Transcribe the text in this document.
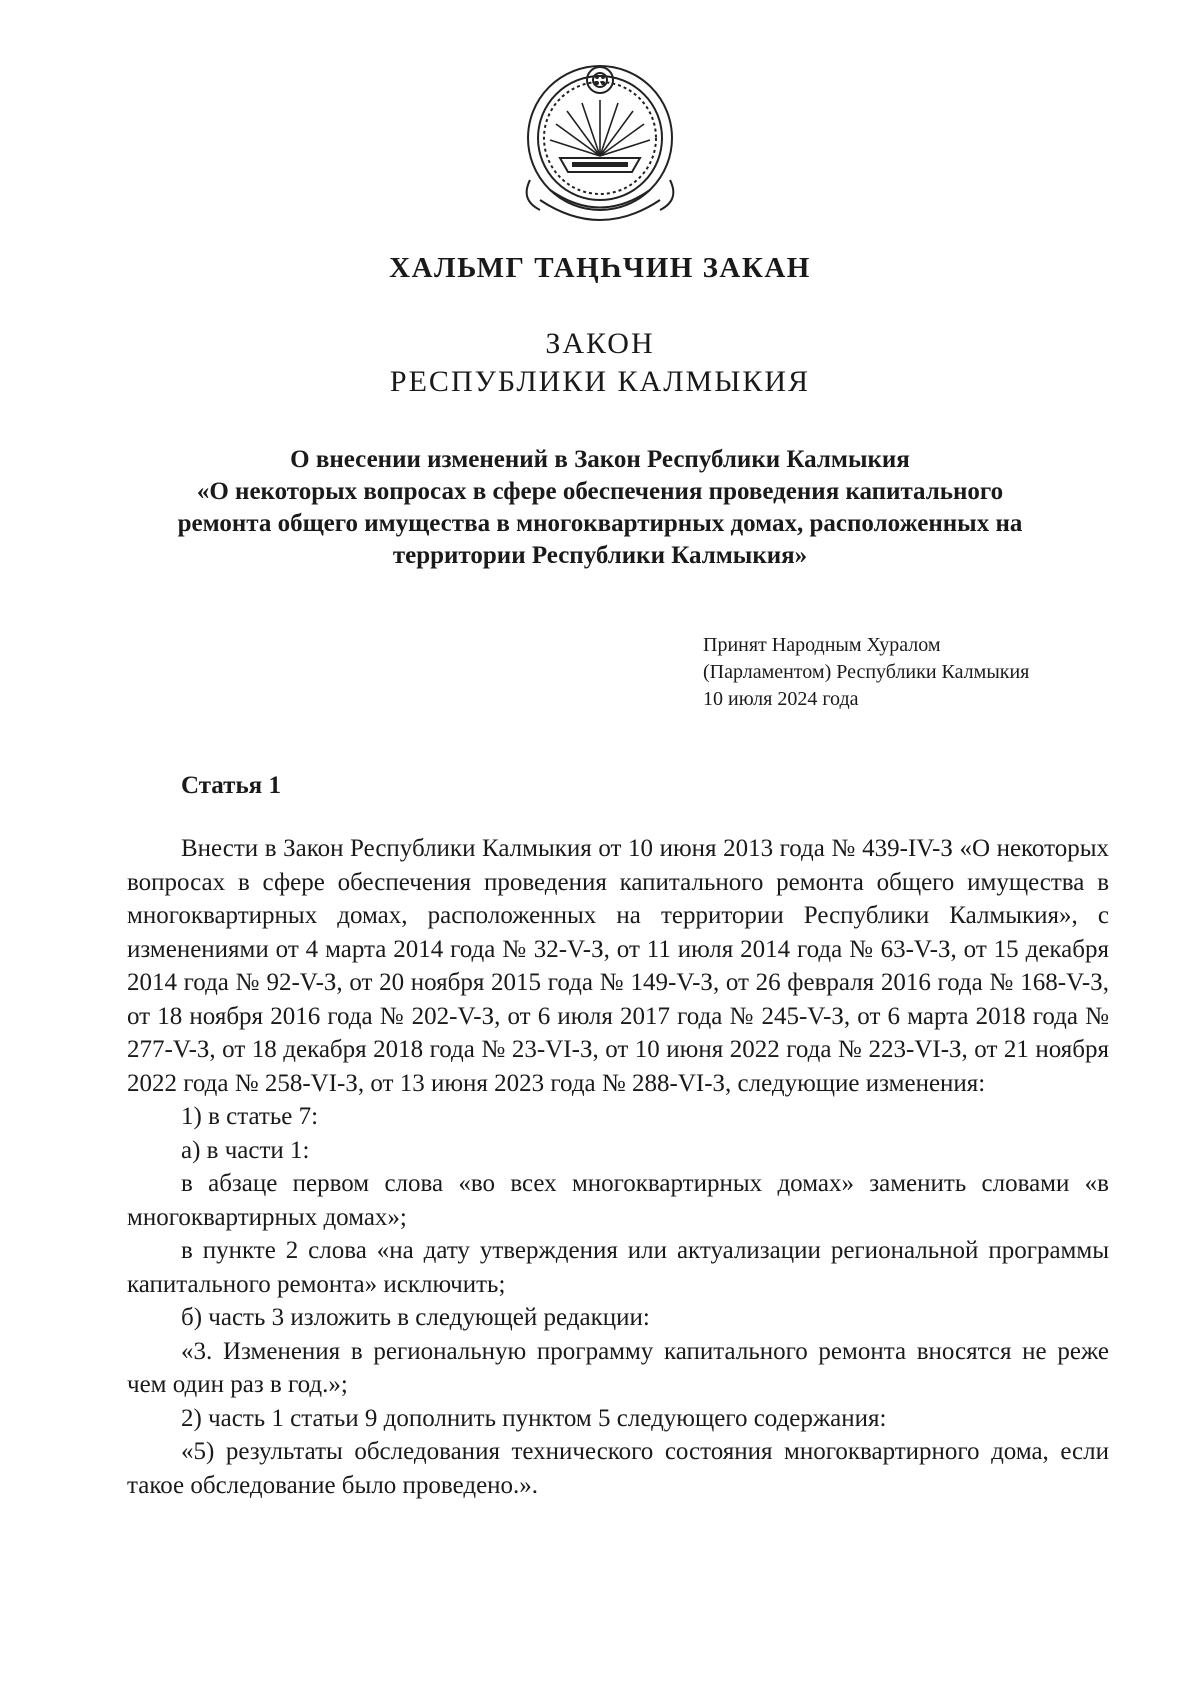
ХАЛЬМГ ТАҢҺЧИН ЗАКАН
ЗАКОН
РЕСПУБЛИКИ КАЛМЫКИЯ
О внесении изменений в Закон Республики Калмыкия
«О некоторых вопросах в сфере обеспечения проведения капитального
ремонта общего имущества в многоквартирных домах, расположенных на
территории Республики Калмыкия»
Принят Народным Хуралом
(Парламентом) Республики Калмыкия
10 июля 2024 года
Статья 1

Внести в Закон Республики Калмыкия от 10 июня 2013 года № 439-IV-З «О некоторых вопросах в сфере обеспечения проведения капитального ремонта общего имущества в многоквартирных домах, расположенных на территории Республики Калмыкия», с изменениями от 4 марта 2014 года № 32-V-З, от 11 июля 2014 года № 63-V-З, от 15 декабря 2014 года № 92-V-З, от 20 ноября 2015 года № 149-V-З, от 26 февраля 2016 года № 168-V-З, от 18 ноября 2016 года № 202-V-З, от 6 июля 2017 года № 245-V-З, от 6 марта 2018 года № 277-V-З, от 18 декабря 2018 года № 23-VI-З, от 10 июня 2022 года № 223-VI-З, от 21 ноября 2022 года № 258-VI-З, от 13 июня 2023 года № 288-VI-З, следующие изменения:

1) в статье 7:

а) в части 1:

в абзаце первом слова «во всех многоквартирных домах» заменить словами «в многоквартирных домах»;

в пункте 2 слова «на дату утверждения или актуализации региональной программы капитального ремонта» исключить;

б) часть 3 изложить в следующей редакции:

«3. Изменения в региональную программу капитального ремонта вносятся не реже чем один раз в год.»;

2) часть 1 статьи 9 дополнить пунктом 5 следующего содержания:

«5) результаты обследования технического состояния многоквартирного дома, если такое обследование было проведено.».
